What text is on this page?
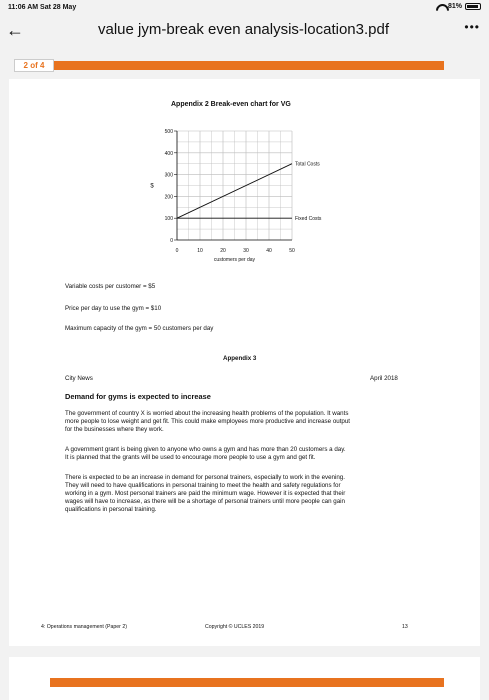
11:06 AM Sat 28 May	81%
←	value jym-break even analysis-location3.pdf	•••
2 of 4
Appendix 2 Break-even chart for VG
0
100
200
300
400
500
0	10	20	30	40	50
$
customers per day
Total Costs
Fixed Costs
Variable costs per customer = $5
Price per day to use the gym = $10
Maximum capacity of the gym = 50 customers per day
Appendix 3
City News	April 2018
Demand for gyms is expected to increase
The government of country X is worried about the increasing health problems of the population. It wants
more people to lose weight and get fit. This could make employees more productive and increase output
for the businesses where they work.
A government grant is being given to anyone who owns a gym and has more than 20 customers a day.
It is planned that the grants will be used to encourage more people to use a gym and get fit.
There is expected to be an increase in demand for personal trainers, especially to work in the evening.
They will need to have qualifications in personal training to meet the health and safety regulations for
working in a gym. Most personal trainers are paid the minimum wage. However it is expected that their
wages will have to increase, as there will be a shortage of personal trainers until more people can gain
qualifications in personal training.
4: Operations management (Paper 2)	Copyright © UCLES 2019	13
